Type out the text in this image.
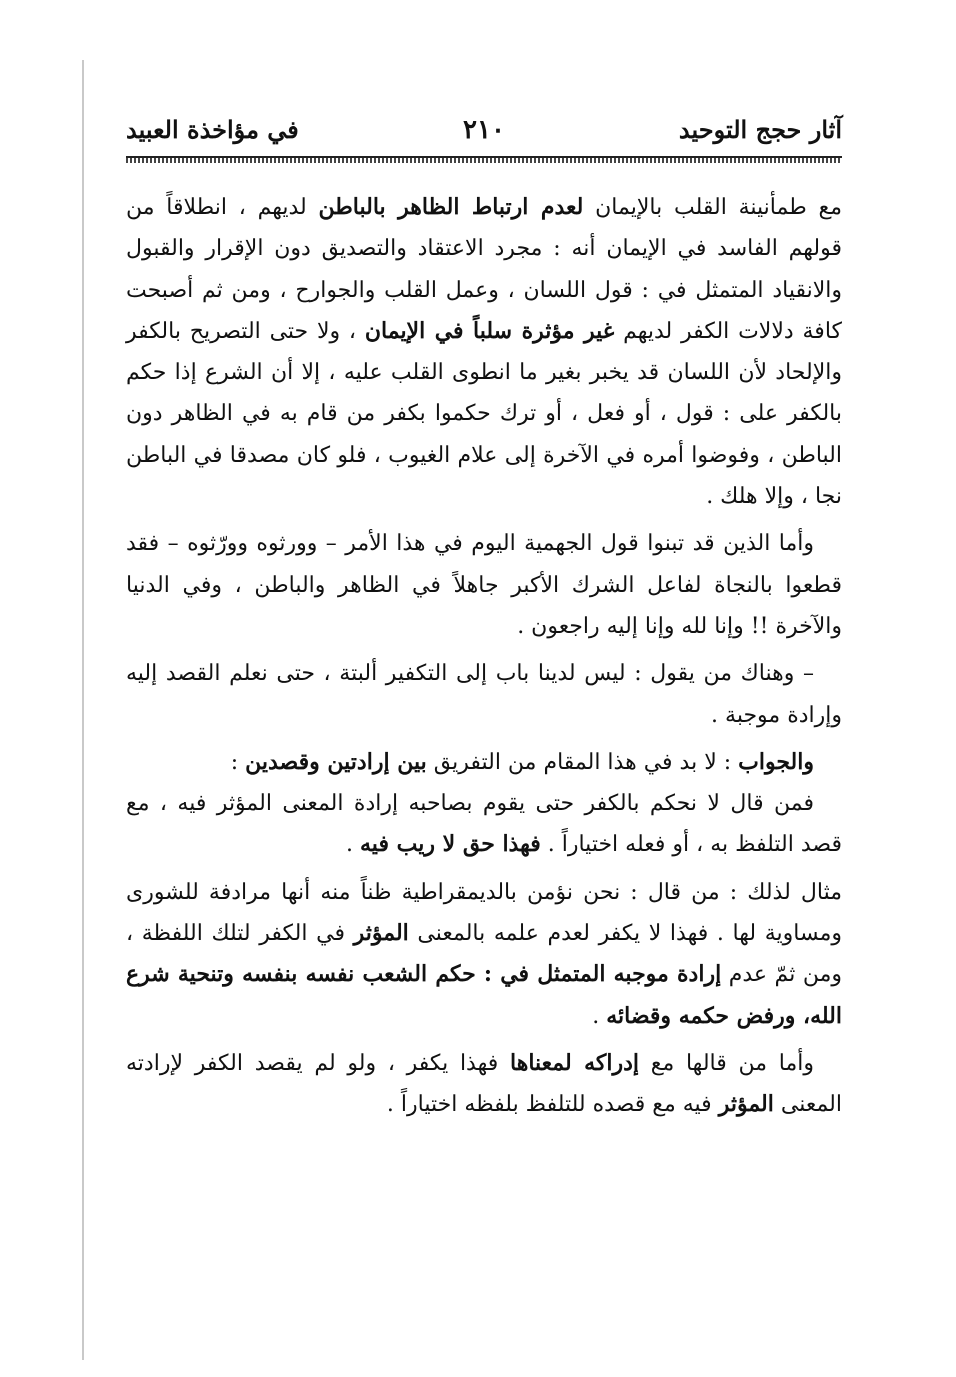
آثار حجج التوحيد
٢١٠
في مؤاخذة العبيد

مع طمأنينة القلب بالإيمان لعدم ارتباط الظاهر بالباطن لديهم ، انطلاقاً من قولهم الفاسد في الإيمان أنه : مجرد الاعتقاد والتصديق دون الإقرار والقبول والانقياد المتمثل في : قول اللسان ، وعمل القلب والجوارح ، ومن ثم أصبحت كافة دلالات الكفر لديهم غير مؤثرة سلباً في الإيمان ، ولا حتى التصريح بالكفر والإلحاد لأن اللسان قد يخبر بغير ما انطوى القلب عليه ، إلا أن الشرع إذا حكم بالكفر على : قول ، أو فعل ، أو ترك حكموا بكفر من قام به في الظاهر دون الباطن ، وفوضوا أمره في الآخرة إلى علام الغيوب ، فلو كان مصدقا في الباطن نجا ، وإلا هلك .

وأما الذين قد تبنوا قول الجهمية اليوم في هذا الأمر – وورثوه وورّثوه – فقد قطعوا بالنجاة لفاعل الشرك الأكبر جاهلاً في الظاهر والباطن ، وفي الدنيا والآخرة !! وإنا لله وإنا إليه راجعون .

– وهناك من يقول : ليس لدينا باب إلى التكفير ألبتة ، حتى نعلم القصد إليه وإرادة موجبة .

والجواب : لا بد في هذا المقام من التفريق بين إرادتين وقصدين :

فمن قال لا نحكم بالكفر حتى يقوم بصاحبه إرادة المعنى المؤثر فيه ، مع قصد التلفظ به ، أو فعله اختياراً . فهذا حق لا ريب فيه .

مثال لذلك : من قال : نحن نؤمن بالديمقراطية ظناً منه أنها مرادفة للشورى ومساوية لها . فهذا لا يكفر لعدم علمه بالمعنى المؤثر في الكفر لتلك اللفظة ، ومن ثمّ عدم إرادة موجبه المتمثل في : حكم الشعب نفسه بنفسه وتنحية شرع الله، ورفض حكمه وقضائه .

وأما من قالها مع إدراكه لمعناها فهذا يكفر ، ولو لم يقصد الكفر لإرادته المعنى المؤثر فيه مع قصده للتلفظ بلفظه اختياراً .
